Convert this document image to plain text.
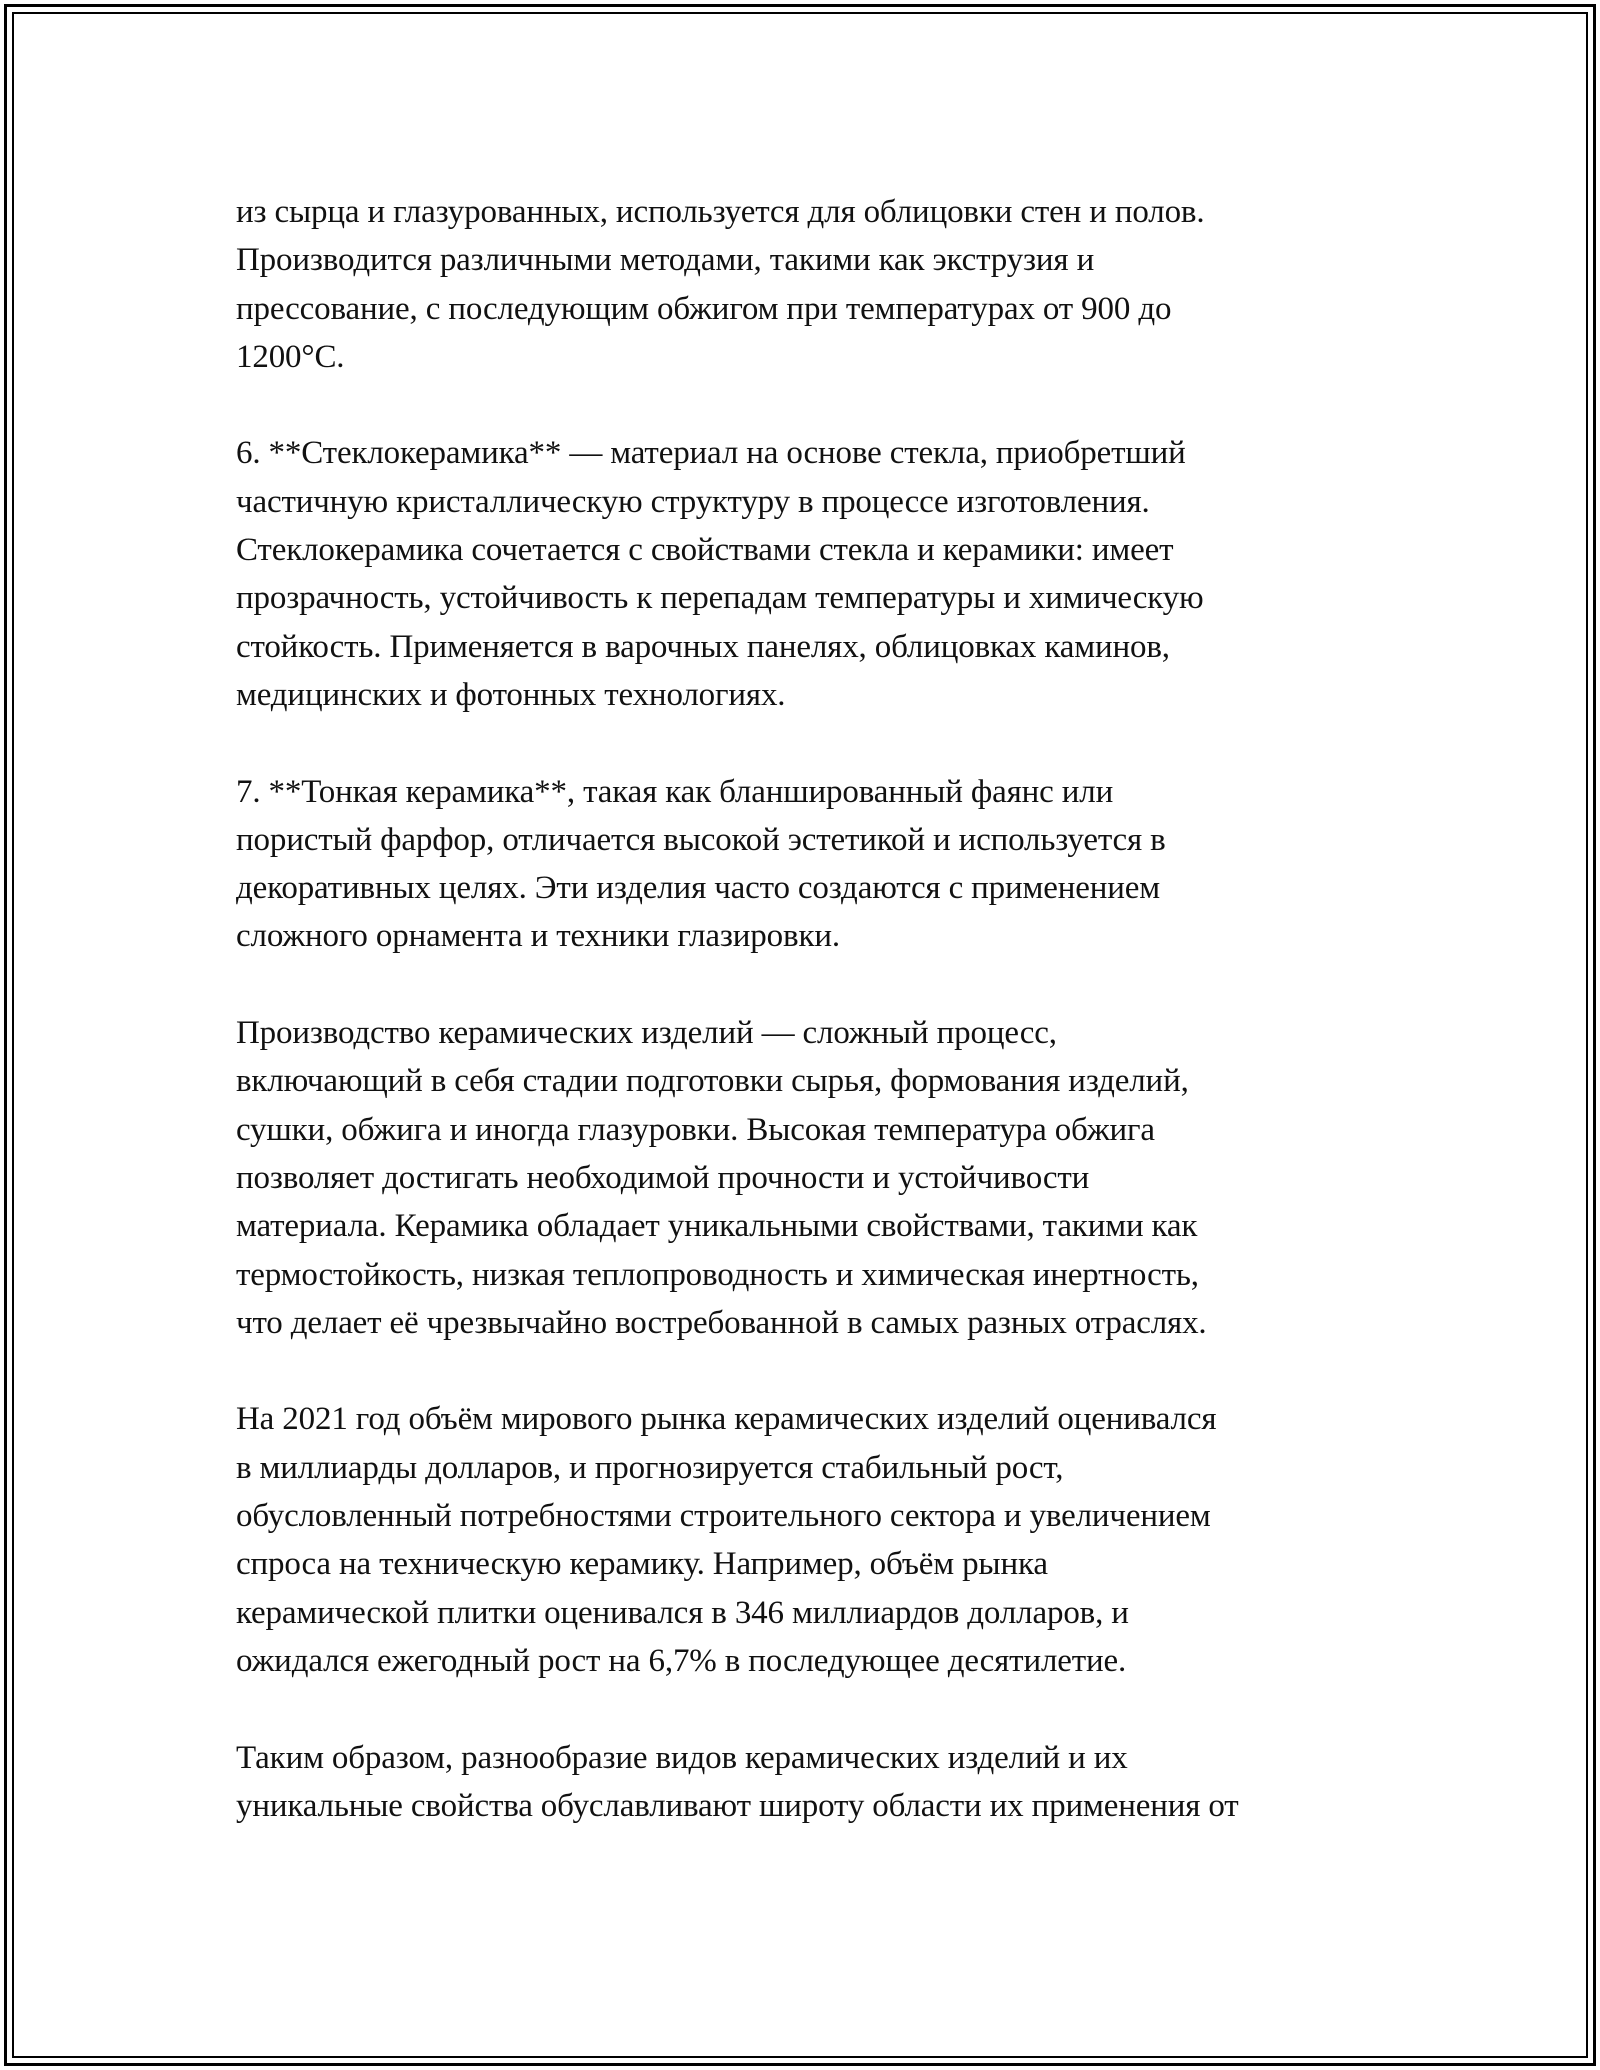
из сырца и глазурованных, используется для облицовки стен и полов.
Производится различными методами, такими как экструзия и
прессование, с последующим обжигом при температурах от 900 до
1200°C.
6. **Стеклокерамика** — материал на основе стекла, приобретший
частичную кристаллическую структуру в процессе изготовления.
Стеклокерамика сочетается с свойствами стекла и керамики: имеет
прозрачность, устойчивость к перепадам температуры и химическую
стойкость. Применяется в варочных панелях, облицовках каминов,
медицинских и фотонных технологиях.
7. **Тонкая керамика**, такая как бланшированный фаянс или
пористый фарфор, отличается высокой эстетикой и используется в
декоративных целях. Эти изделия часто создаются с применением
сложного орнамента и техники глазировки.
Производство керамических изделий — сложный процесс,
включающий в себя стадии подготовки сырья, формования изделий,
сушки, обжига и иногда глазуровки. Высокая температура обжига
позволяет достигать необходимой прочности и устойчивости
материала. Керамика обладает уникальными свойствами, такими как
термостойкость, низкая теплопроводность и химическая инертность,
что делает её чрезвычайно востребованной в самых разных отраслях.
На 2021 год объём мирового рынка керамических изделий оценивался
в миллиарды долларов, и прогнозируется стабильный рост,
обусловленный потребностями строительного сектора и увеличением
спроса на техническую керамику. Например, объём рынка
керамической плитки оценивался в 346 миллиардов долларов, и
ожидался ежегодный рост на 6,7% в последующее десятилетие.
Таким образом, разнообразие видов керамических изделий и их
уникальные свойства обуславливают широту области их применения от
